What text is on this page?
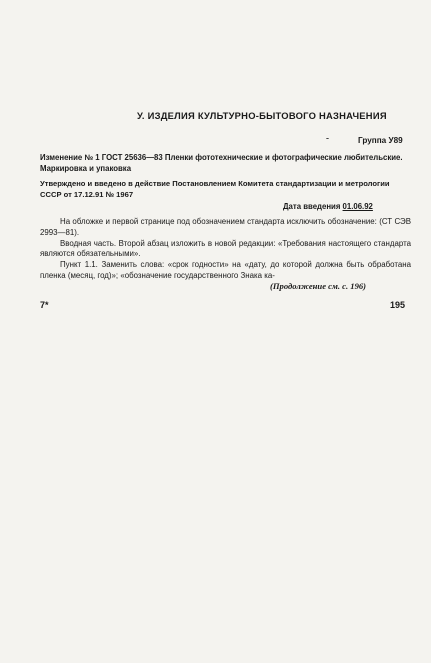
У. ИЗДЕЛИЯ КУЛЬТУРНО-БЫТОВОГО НАЗНАЧЕНИЯ
-	Группа У89
Изменение № 1 ГОСТ 25636—83 Пленки фототехнические и фотографические любительские. Маркировка и упаковка
Утверждено и введено в действие Постановлением Комитета стандартизации и метрологии СССР от 17.12.91 № 1967
Дата введения 01.06.92

На обложке и первой странице под обозначением стандарта исключить обозначение: (СТ СЭВ 2993—81).

Вводная часть. Второй абзац изложить в новой редакции: «Требования настоящего стандарта являются обязательными».

Пункт 1.1. Заменить слова: «срок годности» на «дату, до которой должна быть обработана пленка (месяц, год)»; «обозначение государственного Знака ка-

(Продолжение см. с. 196)
7*	195
